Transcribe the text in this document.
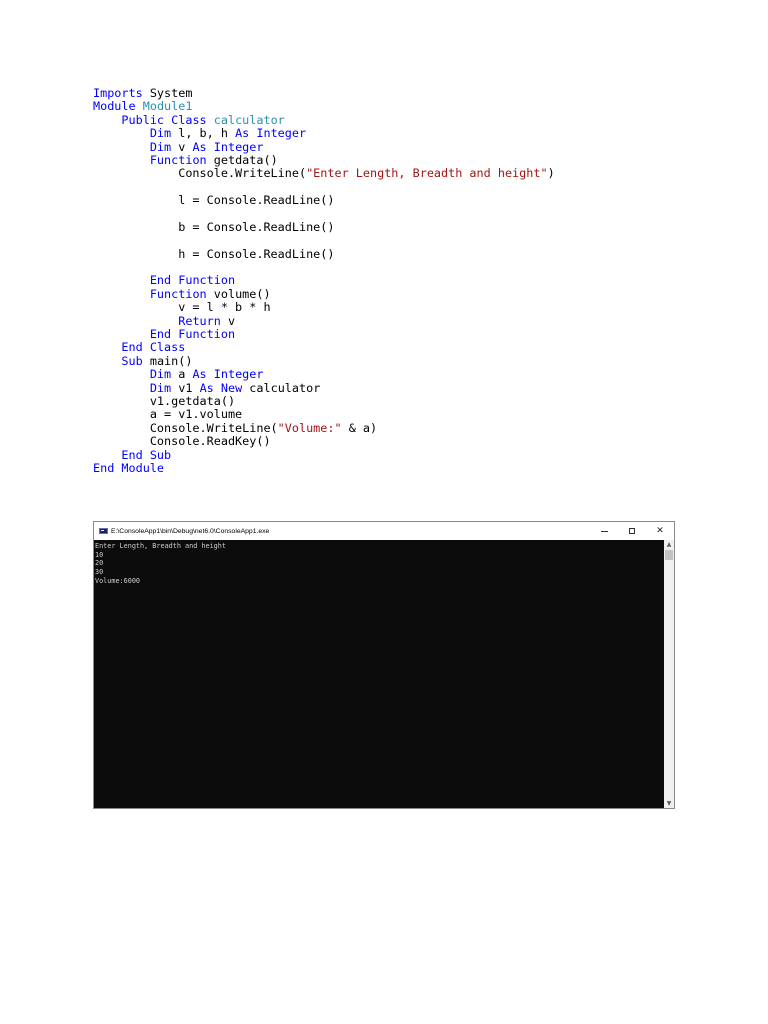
Imports System
Module Module1
Public Class calculator
Dim l, b, h As Integer
Dim v As Integer
Function getdata()
Console.WriteLine("Enter Length, Breadth and height")
l = Console.ReadLine()
b = Console.ReadLine()
h = Console.ReadLine()
End Function
Function volume()
v = l * b * h
Return v
End Function
End Class
Sub main()
Dim a As Integer
Dim v1 As New calculator
v1.getdata()
a = v1.volume
Console.WriteLine("Volume:" & a)
Console.ReadKey()
End Sub
End Module
E:\ConsoleApp1\bin\Debug\net6.0\ConsoleApp1.exe	✕
Enter Length, Breadth and height
10
20
30
Volume:6000
▲
▼
